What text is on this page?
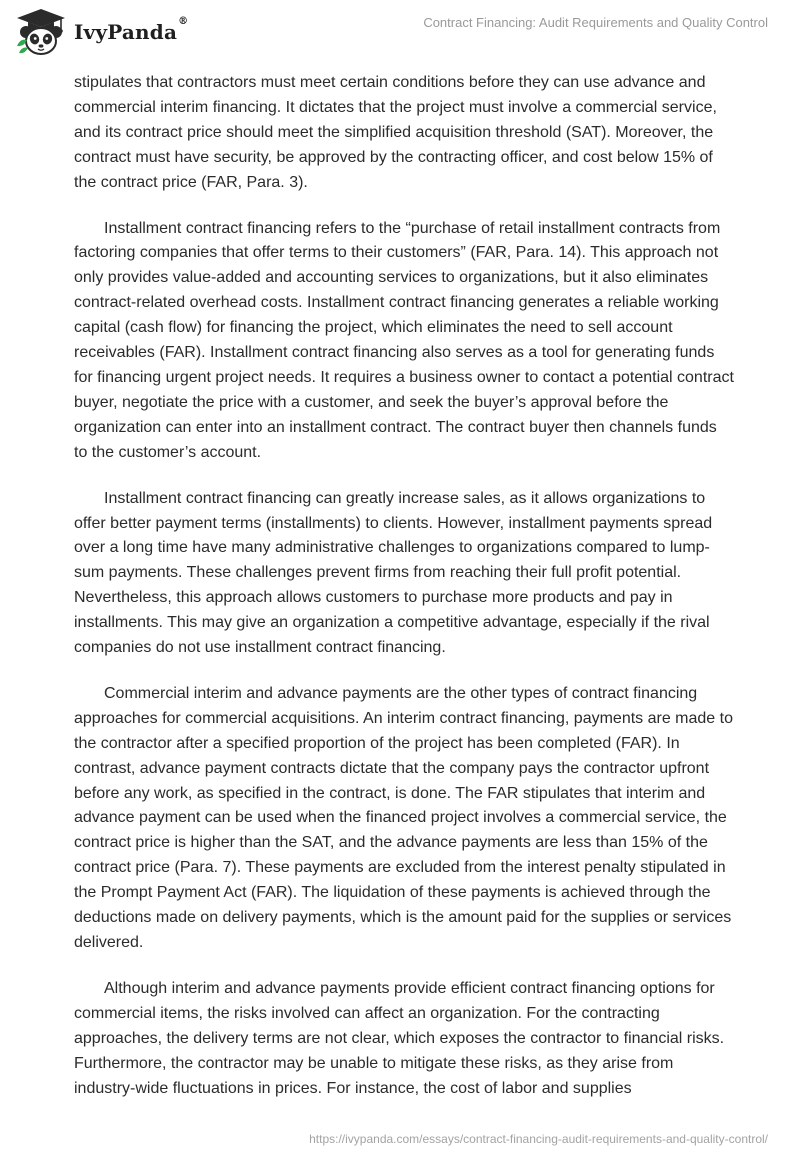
IvyPanda®	Contract Financing: Audit Requirements and Quality Control

stipulates that contractors must meet certain conditions before they can use advance and commercial interim financing. It dictates that the project must involve a commercial service, and its contract price should meet the simplified acquisition threshold (SAT). Moreover, the contract must have security, be approved by the contracting officer, and cost below 15% of the contract price (FAR, Para. 3).

Installment contract financing refers to the “purchase of retail installment contracts from factoring companies that offer terms to their customers” (FAR, Para. 14). This approach not only provides value-added and accounting services to organizations, but it also eliminates contract-related overhead costs. Installment contract financing generates a reliable working capital (cash flow) for financing the project, which eliminates the need to sell account receivables (FAR). Installment contract financing also serves as a tool for generating funds for financing urgent project needs. It requires a business owner to contact a potential contract buyer, negotiate the price with a customer, and seek the buyer’s approval before the organization can enter into an installment contract. The contract buyer then channels funds to the customer’s account.

Installment contract financing can greatly increase sales, as it allows organizations to offer better payment terms (installments) to clients. However, installment payments spread over a long time have many administrative challenges to organizations compared to lump-sum payments. These challenges prevent firms from reaching their full profit potential. Nevertheless, this approach allows customers to purchase more products and pay in installments. This may give an organization a competitive advantage, especially if the rival companies do not use installment contract financing.

Commercial interim and advance payments are the other types of contract financing approaches for commercial acquisitions. An interim contract financing, payments are made to the contractor after a specified proportion of the project has been completed (FAR). In contrast, advance payment contracts dictate that the company pays the contractor upfront before any work, as specified in the contract, is done. The FAR stipulates that interim and advance payment can be used when the financed project involves a commercial service, the contract price is higher than the SAT, and the advance payments are less than 15% of the contract price (Para. 7). These payments are excluded from the interest penalty stipulated in the Prompt Payment Act (FAR). The liquidation of these payments is achieved through the deductions made on delivery payments, which is the amount paid for the supplies or services delivered.

Although interim and advance payments provide efficient contract financing options for commercial items, the risks involved can affect an organization. For the contracting approaches, the delivery terms are not clear, which exposes the contractor to financial risks. Furthermore, the contractor may be unable to mitigate these risks, as they arise from industry-wide fluctuations in prices. For instance, the cost of labor and supplies

https://ivypanda.com/essays/contract-financing-audit-requirements-and-quality-control/
